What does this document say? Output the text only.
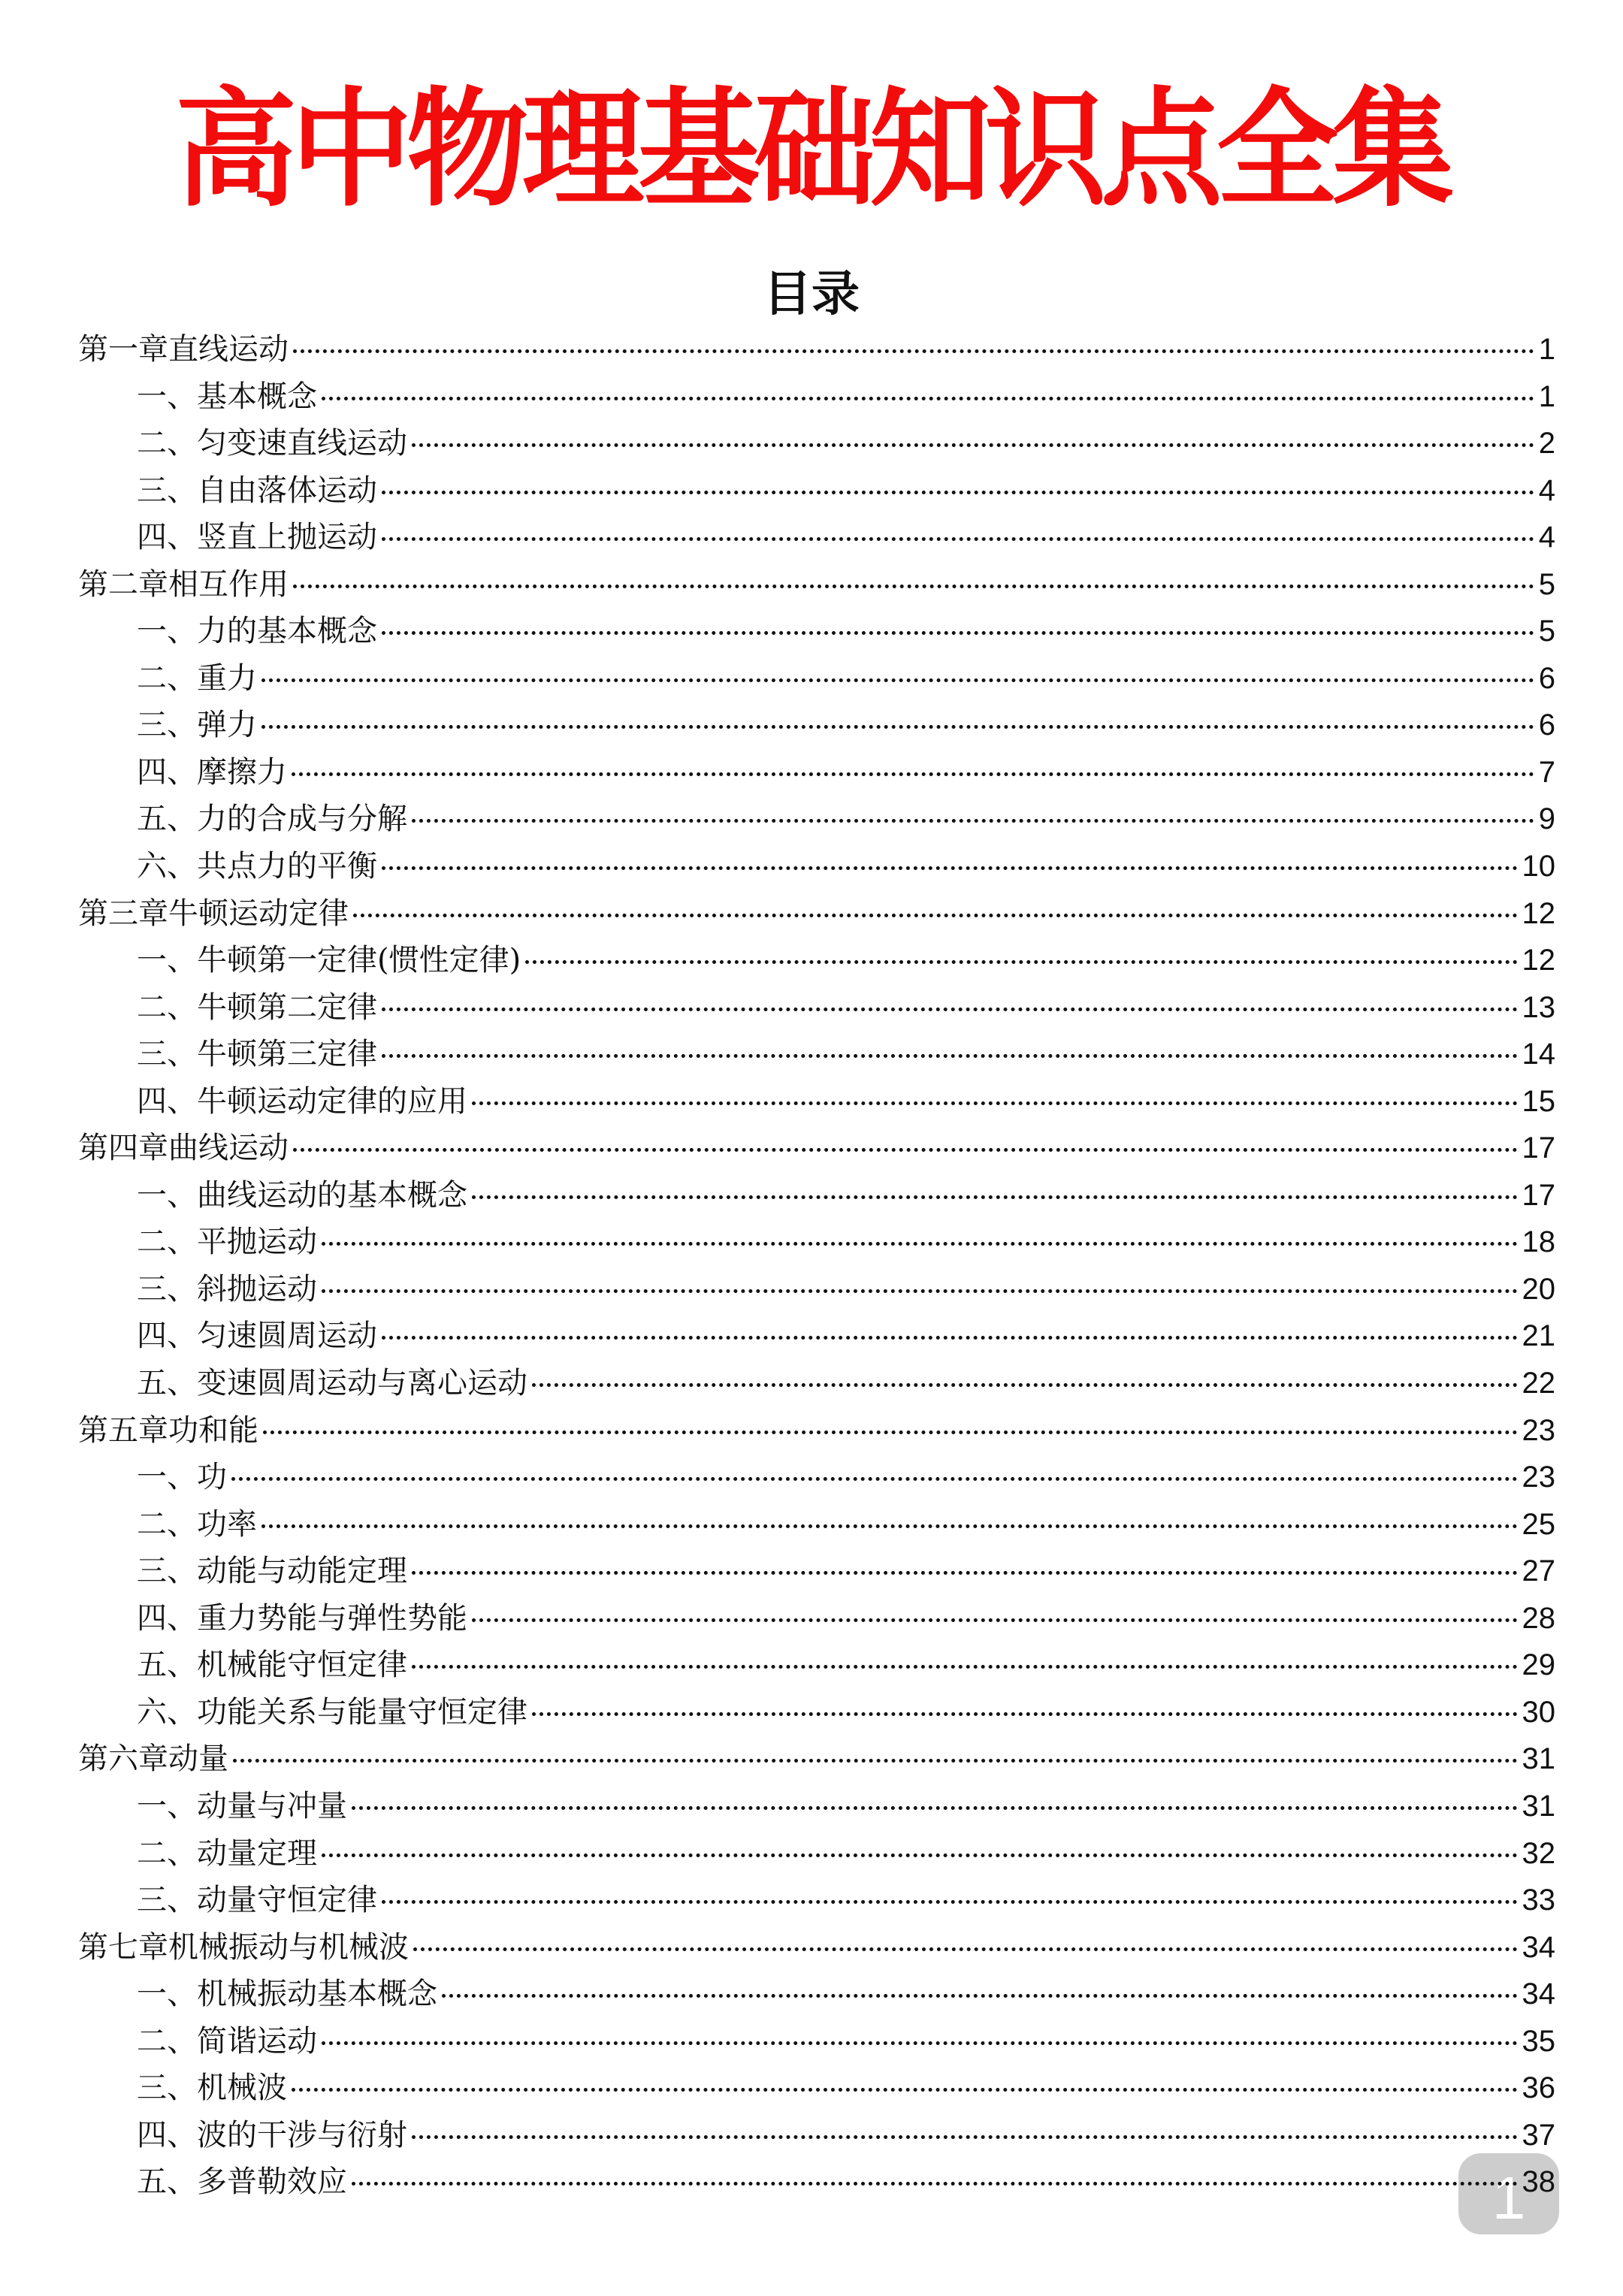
高中物理基础知识点全集
目录
第一章直线运动	1
一、基本概念	1
二、匀变速直线运动	2
三、自由落体运动	4
四、竖直上抛运动	4
第二章相互作用	5
一、力的基本概念	5
二、重力	6
三、弹力	6
四、摩擦力	7
五、力的合成与分解	9
六、共点力的平衡	10
第三章牛顿运动定律	12
一、牛顿第一定律(惯性定律)	12
二、牛顿第二定律	13
三、牛顿第三定律	14
四、牛顿运动定律的应用	15
第四章曲线运动	17
一、曲线运动的基本概念	17
二、平抛运动	18
三、斜抛运动	20
四、匀速圆周运动	21
五、变速圆周运动与离心运动	22
第五章功和能	23
一、功	23
二、功率	25
三、动能与动能定理	27
四、重力势能与弹性势能	28
五、机械能守恒定律	29
六、功能关系与能量守恒定律	30
第六章动量	31
一、动量与冲量	31
二、动量定理	32
三、动量守恒定律	33
第七章机械振动与机械波	34
一、机械振动基本概念	34
二、简谐运动	35
三、机械波	36
四、波的干涉与衍射	37
五、多普勒效应	38
1
